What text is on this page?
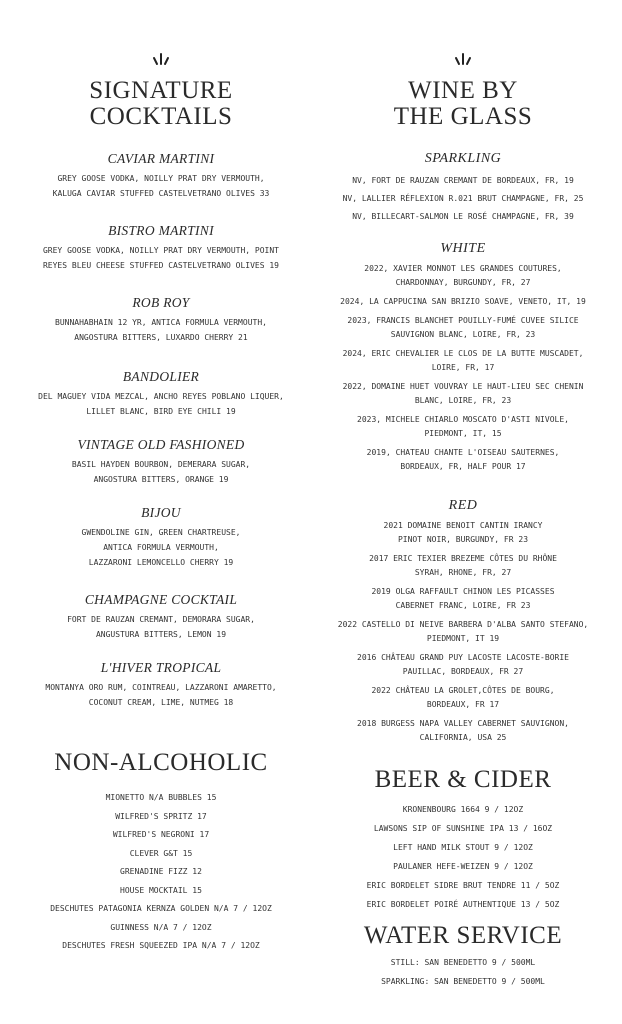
SIGNATURE
COCKTAILS
CAVIAR MARTINI
GREY GOOSE VODKA, NOILLY PRAT DRY VERMOUTH,
KALUGA CAVIAR STUFFED CASTELVETRANO OLIVES 33
BISTRO MARTINI
GREY GOOSE VODKA, NOILLY PRAT DRY VERMOUTH, POINT
REYES BLEU CHEESE STUFFED CASTELVETRANO OLIVES 19
ROB ROY
BUNNAHABHAIN 12 YR, ANTICA FORMULA VERMOUTH,
ANGOSTURA BITTERS, LUXARDO CHERRY 21
BANDOLIER
DEL MAGUEY VIDA MEZCAL, ANCHO REYES POBLANO LIQUER,
LILLET BLANC, BIRD EYE CHILI 19
VINTAGE OLD FASHIONED
BASIL HAYDEN BOURBON, DEMERARA SUGAR,
ANGOSTURA BITTERS, ORANGE 19
BIJOU
GWENDOLINE GIN, GREEN CHARTREUSE,
ANTICA FORMULA VERMOUTH,
LAZZARONI LEMONCELLO CHERRY 19
CHAMPAGNE COCKTAIL
FORT DE RAUZAN CREMANT, DEMORARA SUGAR,
ANGUSTURA BITTERS, LEMON 19
L'HIVER TROPICAL
MONTANYA ORO RUM, COINTREAU, LAZZARONI AMARETTO,
COCONUT CREAM, LIME, NUTMEG 18
NON-ALCOHOLIC
MIONETTO N/A BUBBLES 15
WILFRED'S SPRITZ 17
WILFRED'S NEGRONI 17
CLEVER G&T 15
GRENADINE FIZZ 12
HOUSE MOCKTAIL 15
DESCHUTES PATAGONIA KERNZA GOLDEN N/A 7 / 12OZ
GUINNESS N/A 7 / 12OZ
DESCHUTES FRESH SQUEEZED IPA N/A 7 / 12OZ
WINE BY
THE GLASS
SPARKLING
NV, FORT DE RAUZAN CREMANT DE BORDEAUX, FR, 19
NV, LALLIER RÉFLEXION R.021 BRUT CHAMPAGNE, FR, 25
NV, BILLECART-SALMON LE ROSÉ CHAMPAGNE, FR, 39
WHITE
2022, XAVIER MONNOT LES GRANDES COUTURES,
CHARDONNAY, BURGUNDY, FR, 27
2024, LA CAPPUCINA SAN BRIZIO SOAVE, VENETO, IT, 19
2023, FRANCIS BLANCHET POUILLY-FUMÉ CUVEE SILICE
SAUVIGNON BLANC, LOIRE, FR, 23
2024, ERIC CHEVALIER LE CLOS DE LA BUTTE MUSCADET,
LOIRE, FR, 17
2022, DOMAINE HUET VOUVRAY LE HAUT-LIEU SEC CHENIN
BLANC, LOIRE, FR, 23
2023, MICHELE CHIARLO MOSCATO D'ASTI NIVOLE,
PIEDMONT, IT, 15
2019, CHATEAU CHANTE L'OISEAU SAUTERNES,
BORDEAUX, FR, HALF POUR 17
RED
2021 DOMAINE BENOIT CANTIN IRANCY
PINOT NOIR, BURGUNDY, FR 23
2017 ERIC TEXIER BREZEME CÔTES DU RHÔNE
SYRAH, RHONE, FR, 27
2019 OLGA RAFFAULT CHINON LES PICASSES
CABERNET FRANC, LOIRE, FR 23
2022 CASTELLO DI NEIVE BARBERA D'ALBA SANTO STEFANO,
PIEDMONT, IT 19
2016 CHÂTEAU GRAND PUY LACOSTE LACOSTE-BORIE
PAUILLAC, BORDEAUX, FR 27
2022 CHÂTEAU LA GROLET,CÔTES DE BOURG,
BORDEAUX, FR 17
2018 BURGESS NAPA VALLEY CABERNET SAUVIGNON,
CALIFORNIA, USA 25
BEER & CIDER
KRONENBOURG 1664 9 / 12OZ
LAWSONS SIP OF SUNSHINE IPA 13 / 16OZ
LEFT HAND MILK STOUT 9 / 12OZ
PAULANER HEFE-WEIZEN 9 / 12OZ
ERIC BORDELET SIDRE BRUT TENDRE 11 / 5OZ
ERIC BORDELET POIRÉ AUTHENTIQUE 13 / 5OZ
WATER SERVICE
STILL: SAN BENEDETTO 9 / 500ML
SPARKLING: SAN BENEDETTO 9 / 500ML
